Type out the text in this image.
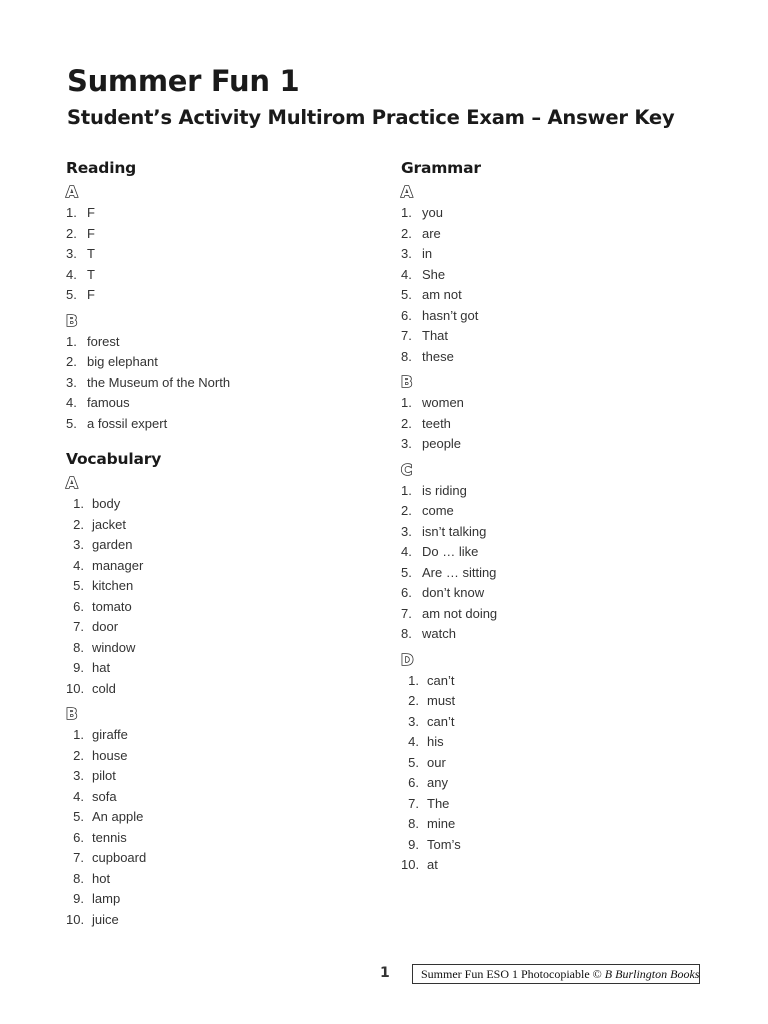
Summer Fun 1
Student’s Activity Multirom Practice Exam – Answer Key
Reading
A
1. F
2. F
3. T
4. T
5. F
B
1. forest
2. big elephant
3. the Museum of the North
4. famous
5. a fossil expert
Vocabulary
A
1. body
2. jacket
3. garden
4. manager
5. kitchen
6. tomato
7. door
8. window
9. hat
10. cold
B
1. giraffe
2. house
3. pilot
4. sofa
5. An apple
6. tennis
7. cupboard
8. hot
9. lamp
10. juice
Grammar
A
1. you
2. are
3. in
4. She
5. am not
6. hasn’t got
7. That
8. these
B
1. women
2. teeth
3. people
C
1. is riding
2. come
3. isn’t talking
4. Do … like
5. Are … sitting
6. don’t know
7. am not doing
8. watch
D
1. can’t
2. must
3. can’t
4. his
5. our
6. any
7. The
8. mine
9. Tom’s
10. at
1	Summer Fun ESO 1 Photocopiable © B Burlington Books
